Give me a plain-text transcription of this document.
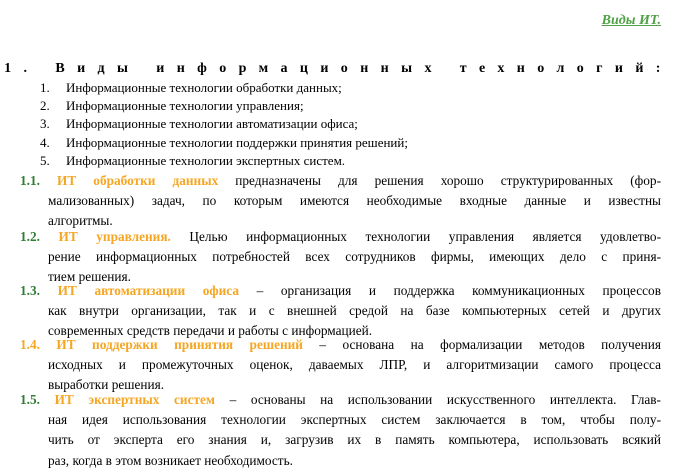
Виды ИТ.
1. Виды информационных технологий:
1. Информационные технологии обработки данных;
2. Информационные технологии управления;
3. Информационные технологии автоматизации офиса;
4. Информационные технологии поддержки принятия решений;
5. Информационные технологии экспертных систем.
1.1. ИТ обработки данных предназначены для решения хорошо структурированных (фор-
мализованных) задач, по которым имеются необходимые входные данные и известны
алгоритмы.
1.2. ИТ управления. Целью информационных технологии управления является удовлетво-
рение информационных потребностей всех сотрудников фирмы, имеющих дело с приня-
тием решения.
1.3. ИТ автоматизации офиса – организация и поддержка коммуникационных процессов
как внутри организации, так и с внешней средой на базе компьютерных сетей и других
современных средств передачи и работы с информацией.
1.4. ИТ поддержки принятия решений – основана на формализации методов получения
исходных и промежуточных оценок, даваемых ЛПР, и алгоритмизации самого процесса
выработки решения.
1.5. ИТ экспертных систем – основаны на использовании искусственного интеллекта. Глав-
ная идея использования технологии экспертных систем заключается в том, чтобы полу-
чить от эксперта его знания и, загрузив их в память компьютера, использовать всякий
раз, когда в этом возникает необходимость.
